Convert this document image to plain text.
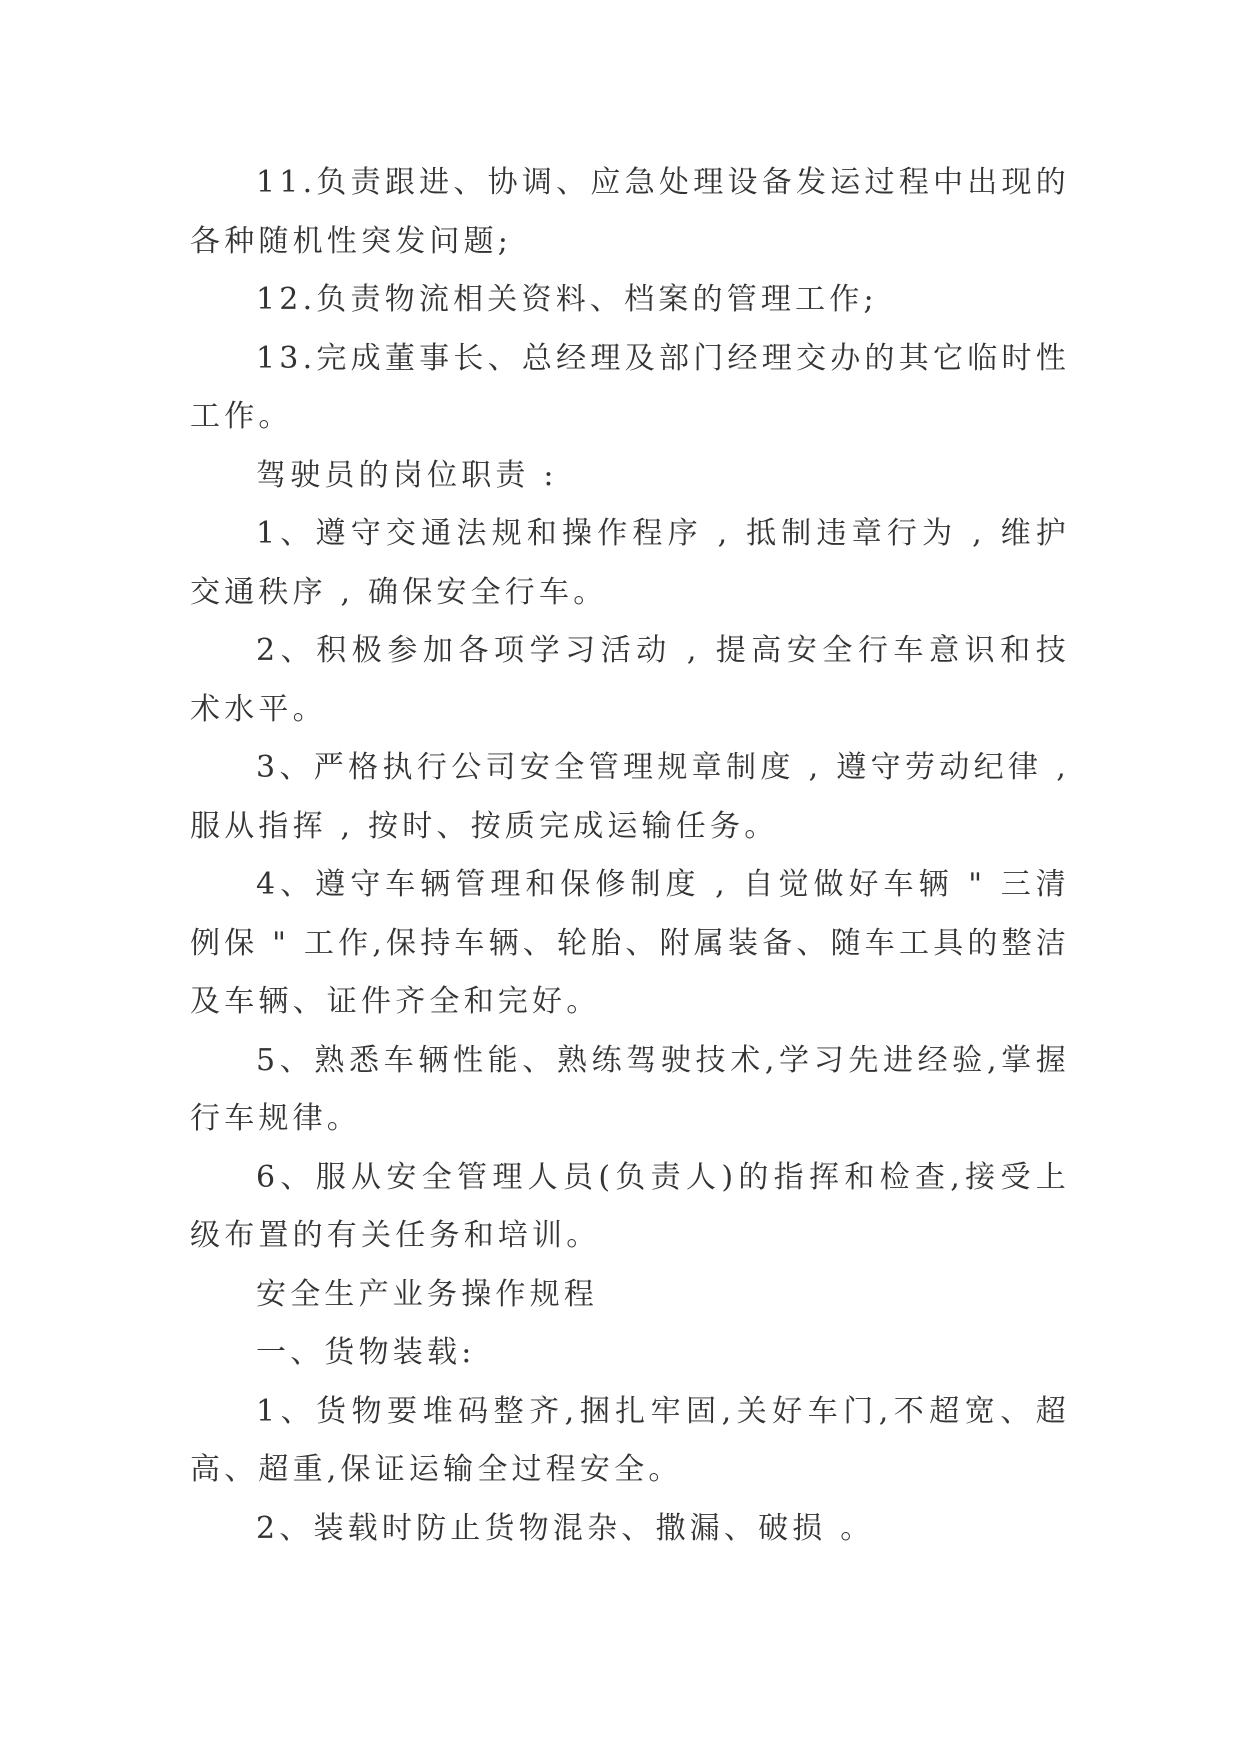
11.负责跟进、协调、应急处理设备发运过程中出现的各种随机性突发问题;

12.负责物流相关资料、档案的管理工作;

13.完成董事长、总经理及部门经理交办的其它临时性工作。

驾驶员的岗位职责 :

1、遵守交通法规和操作程序 , 抵制违章行为 , 维护交通秩序 , 确保安全行车。

2、积极参加各项学习活动 , 提高安全行车意识和技术水平。

3、严格执行公司安全管理规章制度 , 遵守劳动纪律 , 服从指挥 , 按时、按质完成运输任务。

4、遵守车辆管理和保修制度 , 自觉做好车辆 " 三清例保 " 工作,保持车辆、轮胎、附属装备、随车工具的整洁及车辆、证件齐全和完好。

5、熟悉车辆性能、熟练驾驶技术,学习先进经验,掌握行车规律。

6、服从安全管理人员(负责人)的指挥和检查,接受上级布置的有关任务和培训。

安全生产业务操作规程

一、货物装载:

1、货物要堆码整齐,捆扎牢固,关好车门,不超宽、超高、超重,保证运输全过程安全。

2、装载时防止货物混杂、撒漏、破损 。
